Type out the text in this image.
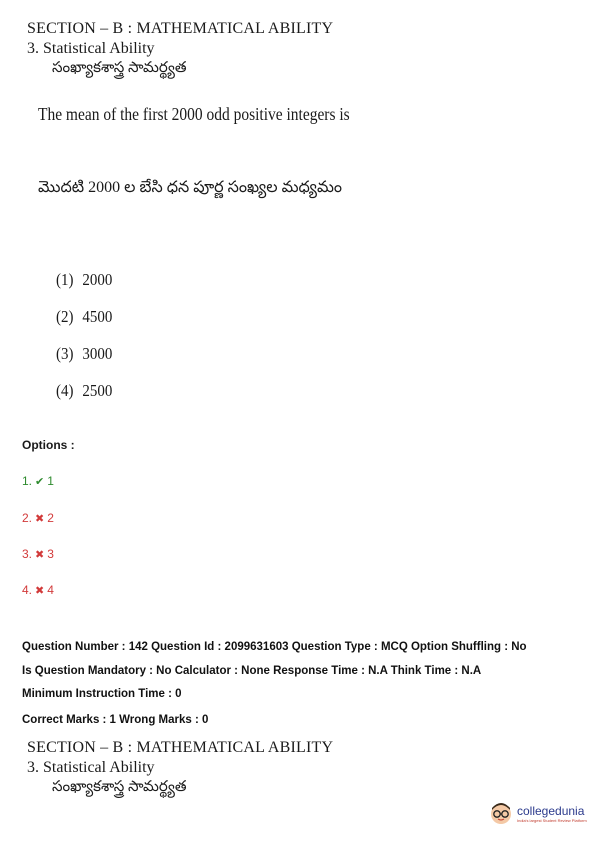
SECTION – B : MATHEMATICAL ABILITY
3. Statistical Ability
సంఖ్యాకశాస్త్ర సామర్థ్యత
The mean of the first 2000 odd positive integers is
మొదటి 2000 ల బేసి ధన పూర్ణ సంఖ్యల మధ్యమం
(1) 2000
(2) 4500
(3) 3000
(4) 2500
Options :
1. ✔ 1
2. ✖ 2
3. ✖ 3
4. ✖ 4
Question Number : 142 Question Id : 2099631603 Question Type : MCQ Option Shuffling : No
Is Question Mandatory : No Calculator : None Response Time : N.A Think Time : N.A
Minimum Instruction Time : 0
Correct Marks : 1 Wrong Marks : 0
SECTION – B : MATHEMATICAL ABILITY
3. Statistical Ability
సంఖ్యాకశాస్త్ర సామర్థ్యత
collegedunia
India's largest Student Review Platform
